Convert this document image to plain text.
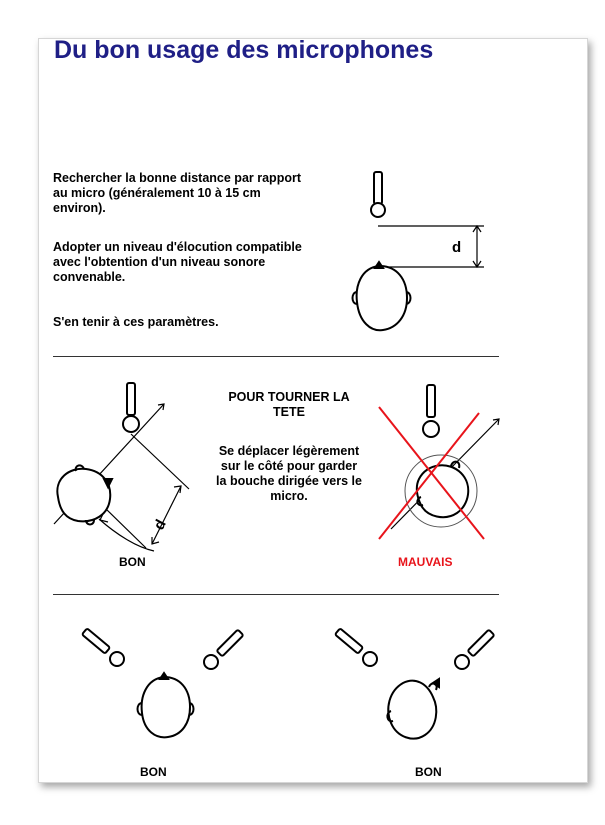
Du bon usage des microphones

Rechercher la bonne distance par rapport au micro (généralement 10 à 15 cm environ).

Adopter un niveau d'élocution compatible avec l'obtention d'un niveau sonore convenable.

S'en tenir à ces paramètres.

d
d

POUR TOURNER LA TETE

Se déplacer légèrement sur le côté pour garder la bouche dirigée vers le micro.

BON	MAUVAIS
BON	BON
